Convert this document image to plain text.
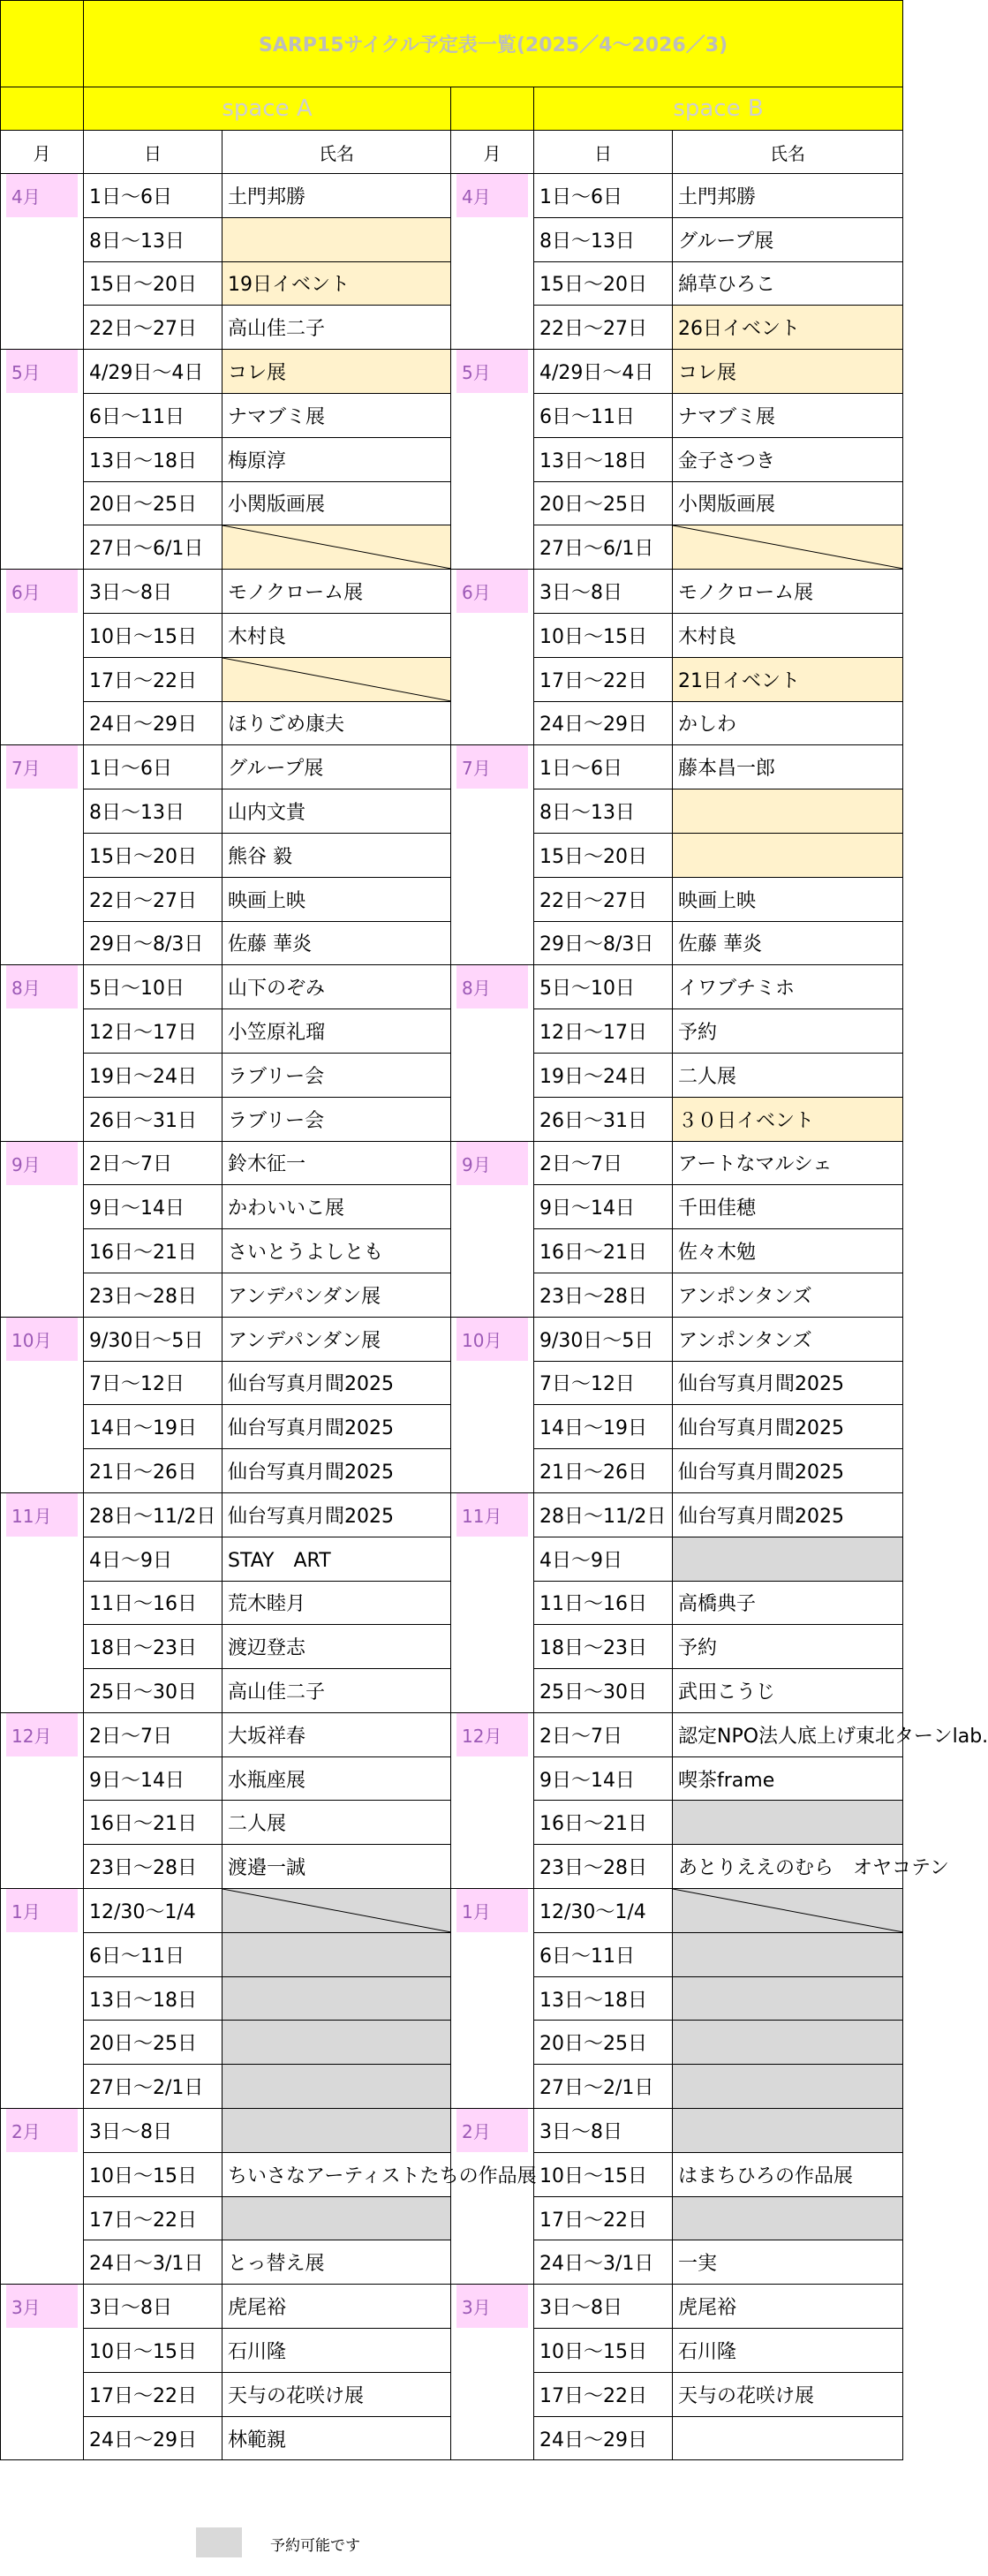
	SARP15サイクル予定表一覧(2025／4～2026／3)				
	space A			space B	
月	日	氏名	月	日	氏名

4月	1日～6日	土門邦勝	4月	1日～6日	土門邦勝
	8日～13日			8日～13日	グループ展
	15日～20日	19日イベント		15日～20日	綿草ひろこ
	22日～27日	高山佳二子		22日～27日	26日イベント

5月	4/29日～4日	コレ展	5月	4/29日～4日	コレ展
	6日～11日	ナマブミ展		6日～11日	ナマブミ展
	13日～18日	梅原淳		13日～18日	金子さつき
	20日～25日	小関版画展		20日～25日	小関版画展
	27日～6/1日			27日～6/1日	

6月	3日～8日	モノクローム展	6月	3日～8日	モノクローム展
	10日～15日	木村良		10日～15日	木村良
	17日～22日			17日～22日	21日イベント
	24日～29日	ほりごめ康夫		24日～29日	かしわ

7月	1日～6日	グループ展	7月	1日～6日	藤本昌一郎
	8日～13日	山内文貴		8日～13日	
	15日～20日	熊谷 毅		15日～20日	
	22日～27日	映画上映		22日～27日	映画上映
	29日～8/3日	佐藤 華炎		29日～8/3日	佐藤 華炎

8月	5日～10日	山下のぞみ	8月	5日～10日	イワブチミホ
	12日～17日	小笠原礼瑠		12日～17日	予約
	19日～24日	ラブリー会		19日～24日	二人展
	26日～31日	ラブリー会		26日～31日	３０日イベント

9月	2日～7日	鈴木征一	9月	2日～7日	アートなマルシェ
	9日～14日	かわいいこ展		9日～14日	千田佳穂
	16日～21日	さいとうよしとも		16日～21日	佐々木勉
	23日～28日	アンデパンダン展		23日～28日	アンポンタンズ

10月	9/30日～5日	アンデパンダン展	10月	9/30日～5日	アンポンタンズ
	7日～12日	仙台写真月間2025		7日～12日	仙台写真月間2025
	14日～19日	仙台写真月間2025		14日～19日	仙台写真月間2025
	21日～26日	仙台写真月間2025		21日～26日	仙台写真月間2025

11月	28日～11/2日	仙台写真月間2025	11月	28日～11/2日	仙台写真月間2025
	4日～9日	STAY　ART		4日～9日	
	11日～16日	荒木睦月		11日～16日	高橋典子
	18日～23日	渡辺登志		18日～23日	予約
	25日～30日	高山佳二子		25日～30日	武田こうじ

12月	2日～7日	大坂祥春	12月	2日～7日	認定NPO法人底上げ東北ターンlab.
	9日～14日	水瓶座展		9日～14日	喫茶frame
	16日～21日	二人展		16日～21日	
	23日～28日	渡邉一誠		23日～28日	あとりええのむら　オヤコテン

1月	12/30～1/4		1月	12/30～1/4	

	6日～11日			6日～11日	
	13日～18日			13日～18日	
	20日～25日			20日～25日	
	27日～2/1日			27日～2/1日	

2月	3日～8日		2月	3日～8日	
	10日～15日	ちいさなアーティストたちの作品展		10日～15日	はまちひろの作品展
	17日～22日			17日～22日	
	24日～3/1日	とっ替え展		24日～3/1日	一実

3月	3日～8日	虎尾裕	3月	3日～8日	虎尾裕
	10日～15日	石川隆		10日～15日	石川隆
	17日～22日	天与の花咲け展		17日～22日	天与の花咲け展
	24日～29日	林範親		24日～29日	
予約可能です
